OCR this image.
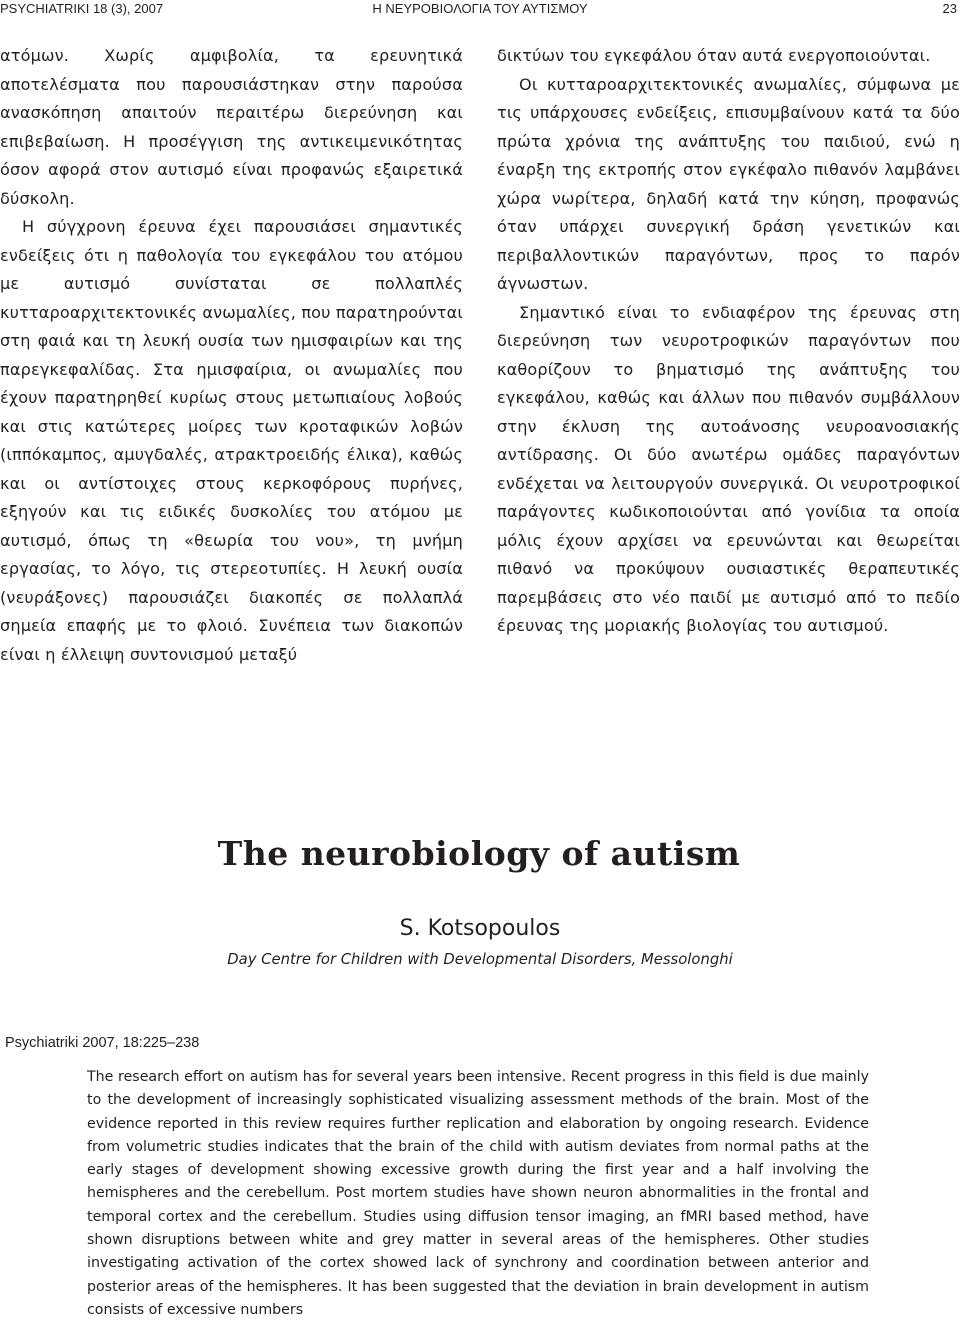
PSYCHIATRIKI 18 (3), 2007	Η ΝΕΥΡΟΒΙΟΛΟΓΙΑ ΤΟΥ ΑΥΤΙΣΜΟΥ	23

ατόμων. Χωρίς αμφιβολία, τα ερευνητικά αποτελέσματα που παρουσιάστηκαν στην παρούσα ανασκόπηση απαιτούν περαιτέρω διερεύνηση και επιβεβαίωση. Η προσέγγιση της αντικειμενικότητας όσον αφορά στον αυτισμό είναι προφανώς εξαιρετικά δύσκολη.

Η σύγχρονη έρευνα έχει παρουσιάσει σημαντικές ενδείξεις ότι η παθολογία του εγκεφάλου του ατόμου με αυτισμό συνίσταται σε πολλαπλές κυτταροαρχιτεκτονικές ανωμαλίες, που παρατηρούνται στη φαιά και τη λευκή ουσία των ημισφαιρίων και της παρεγκεφαλίδας. Στα ημισφαίρια, οι ανωμαλίες που έχουν παρατηρηθεί κυρίως στους μετωπιαίους λοβούς και στις κατώτερες μοίρες των κροταφικών λοβών (ιππόκαμπος, αμυγδαλές, ατρακτροειδής έλικα), καθώς και οι αντίστοιχες στους κερκοφόρους πυρήνες, εξηγούν και τις ειδικές δυσκολίες του ατόμου με αυτισμό, όπως τη «θεωρία του νου», τη μνήμη εργασίας, το λόγο, τις στερεοτυπίες. Η λευκή ουσία (νευράξονες) παρουσιάζει διακοπές σε πολλαπλά σημεία επαφής με το φλοιό. Συνέπεια των διακοπών είναι η έλλειψη συντονισμού μεταξύ

δικτύων του εγκεφάλου όταν αυτά ενεργοποιούνται.

Οι κυτταροαρχιτεκτονικές ανωμαλίες, σύμφωνα με τις υπάρχουσες ενδείξεις, επισυμβαίνουν κατά τα δύο πρώτα χρόνια της ανάπτυξης του παιδιού, ενώ η έναρξη της εκτροπής στον εγκέφαλο πιθανόν λαμβάνει χώρα νωρίτερα, δηλαδή κατά την κύηση, προφανώς όταν υπάρχει συνεργική δράση γενετικών και περιβαλλοντικών παραγόντων, προς το παρόν άγνωστων.

Σημαντικό είναι το ενδιαφέρον της έρευνας στη διερεύνηση των νευροτροφικών παραγόντων που καθορίζουν το βηματισμό της ανάπτυξης του εγκεφάλου, καθώς και άλλων που πιθανόν συμβάλλουν στην έκλυση της αυτοάνοσης νευροανοσιακής αντίδρασης. Οι δύο ανωτέρω ομάδες παραγόντων ενδέχεται να λειτουργούν συνεργικά. Οι νευροτροφικοί παράγοντες κωδικοποιούνται από γονίδια τα οποία μόλις έχουν αρχίσει να ερευνώνται και θεωρείται πιθανό να προκύψουν ουσιαστικές θεραπευτικές παρεμβάσεις στο νέο παιδί με αυτισμό από το πεδίο έρευνας της μοριακής βιολογίας του αυτισμού.

The neurobiology of autism
S. Kotsopoulos
Day Centre for Children with Developmental Disorders, Messolonghi
Psychiatriki 2007, 18:225–238

The research effort on autism has for several years been intensive. Recent progress in this field is due mainly to the development of increasingly sophisticated visualizing assessment methods of the brain. Most of the evidence reported in this review requires further replication and elaboration by ongoing research. Evidence from volumetric studies indicates that the brain of the child with autism deviates from normal paths at the early stages of development showing excessive growth during the first year and a half involving the hemispheres and the cerebellum. Post mortem studies have shown neuron abnormalities in the frontal and temporal cortex and the cerebellum. Studies using diffusion tensor imaging, an fMRI based method, have shown disruptions between white and grey matter in several areas of the hemispheres. Other studies investigating activation of the cortex showed lack of synchrony and coordination between anterior and posterior areas of the hemispheres. It has been suggested that the deviation in brain development in autism consists of excessive numbers
